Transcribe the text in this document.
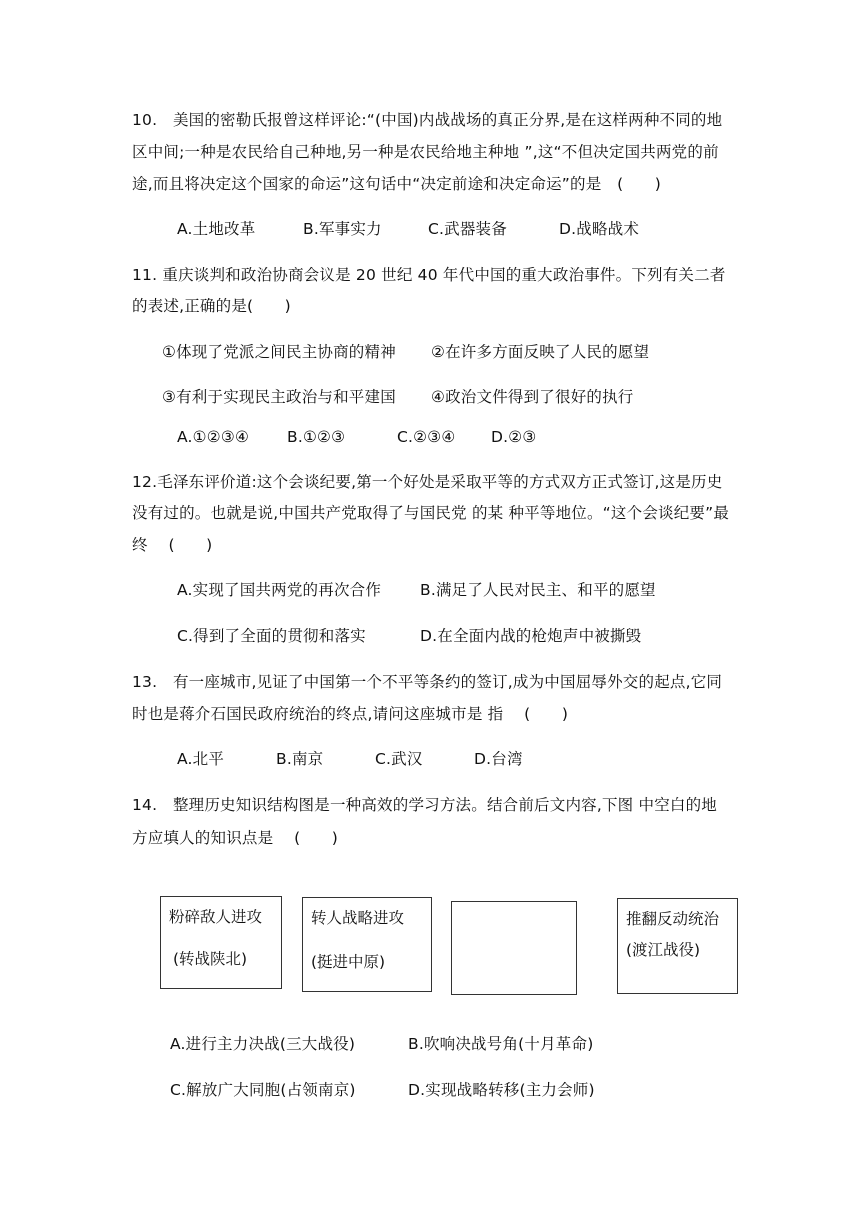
10.　美国的密勒氏报曾这样评论:“(中国)内战战场的真正分界,是在这样两种不同的地
区中间;一种是农民给自己种地,另一种是农民给地主种地 ”,这“不但决定国共两党的前
途,而且将决定这个国家的命运”这句话中“决定前途和决定命运”的是　(　　)
A.土地改革	B.军事实力	C.武器装备	D.战略战术
11. 重庆谈判和政治协商会议是 20 世纪 40 年代中国的重大政治事件。下列有关二者
的表述,正确的是(　　)
①体现了党派之间民主协商的精神 ②在许多方面反映了人民的愿望
③有利于实现民主政治与和平建国 ④政治文件得到了很好的执行
A.①②③④ B.①②③	C.②③④ D.②③
12.毛泽东评价道:这个会谈纪要,第一个好处是采取平等的方式双方正式签订,这是历史
没有过的。也就是说,中国共产党取得了与国民党 的某 种平等地位。“这个会谈纪要”最
终　 (　　)
A.实现了国共两党的再次合作	B.满足了人民对民主、和平的愿望
C.得到了全面的贯彻和落实	D.在全面内战的枪炮声中被撕毁
13.　有一座城市,见证了中国第一个不平等条约的签订,成为中国屈辱外交的起点,它同
时也是蒋介石国民政府统治的终点,请问这座城市是 指　 (　　)
A.北平	B.南京	C.武汉	D.台湾
14.　整理历史知识结构图是一种高效的学习方法。结合前后文内容,下图 中空白的地
方应填人的知识点是　 (　　)
粉碎敌人进攻
(转战陕北)
转人战略进攻
(挺进中原)
推翻反动统治
(渡江战役)
A.进行主力决战(三大战役)	B.吹响决战号角(十月革命)
C.解放广大同胞(占领南京)	D.实现战略转移(主力会师)
